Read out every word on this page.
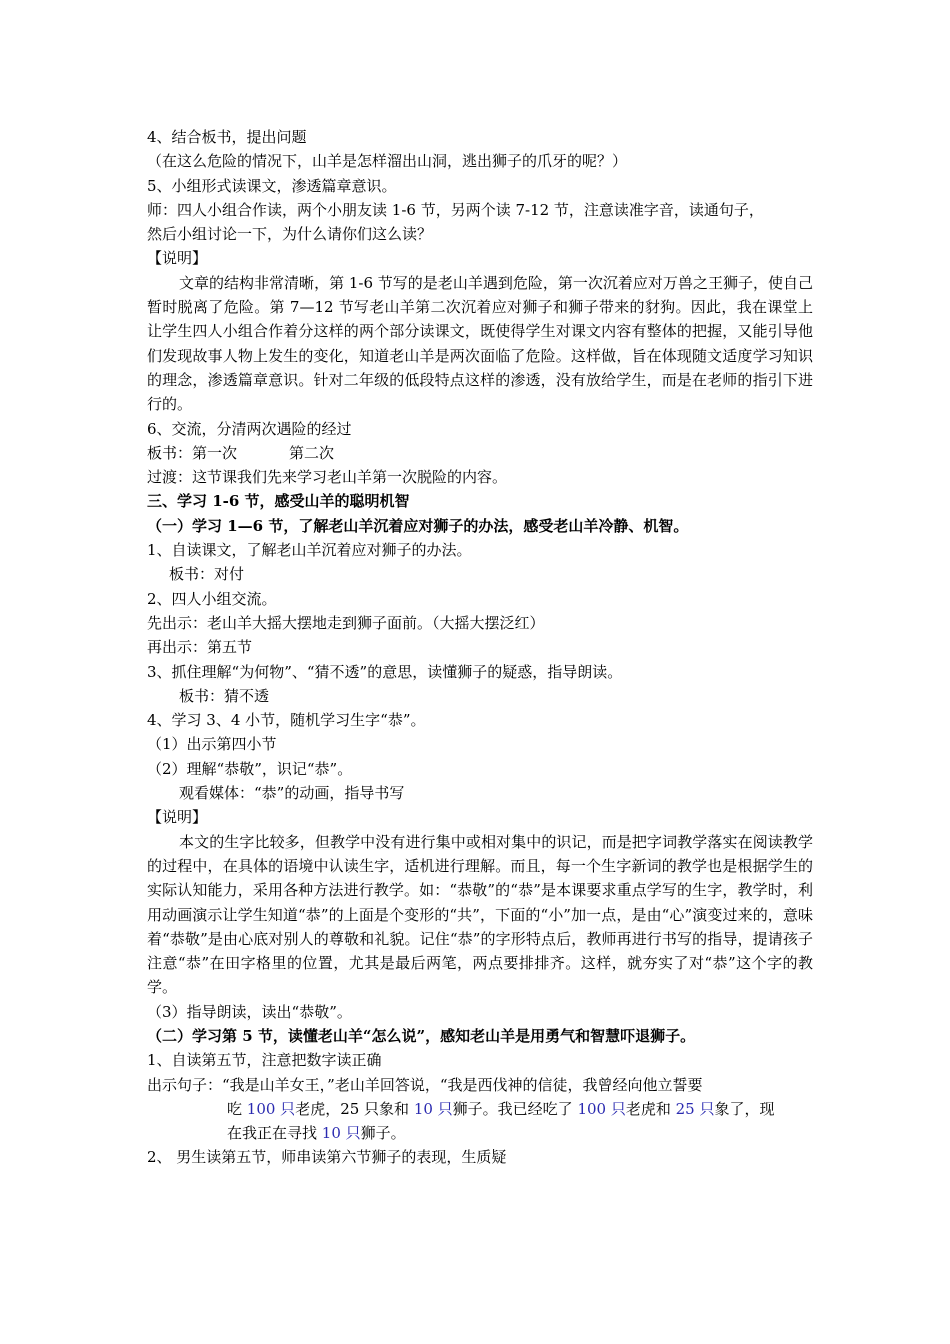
4、结合板书，提出问题
（在这么危险的情况下，山羊是怎样溜出山洞，逃出狮子的爪牙的呢？）
5、小组形式读课文，渗透篇章意识。
师：四人小组合作读，两个小朋友读 1-6 节，另两个读 7-12 节，注意读准字音，读通句子，
然后小组讨论一下，为什么请你们这么读？
【说明】
文章的结构非常清晰，第 1-6 节写的是老山羊遇到危险，第一次沉着应对万兽之王狮子，使自己暂时脱离了危险。第 7—12 节写老山羊第二次沉着应对狮子和狮子带来的豺狗。因此，我在课堂上让学生四人小组合作着分这样的两个部分读课文，既使得学生对课文内容有整体的把握，又能引导他们发现故事人物上发生的变化，知道老山羊是两次面临了危险。这样做，旨在体现随文适度学习知识的理念，渗透篇章意识。针对二年级的低段特点这样的渗透，没有放给学生，而是在老师的指引下进行的。
6、交流，分清两次遇险的经过
板书：第一次	第二次
过渡：这节课我们先来学习老山羊第一次脱险的内容。
三、学习 1-6 节，感受山羊的聪明机智
（一）学习 1—6 节，了解老山羊沉着应对狮子的办法，感受老山羊冷静、机智。
1、自读课文，了解老山羊沉着应对狮子的办法。
板书：对付
2、四人小组交流。
先出示：老山羊大摇大摆地走到狮子面前。（大摇大摆泛红）
再出示：第五节
3、抓住理解“为何物”、“猜不透”的意思，读懂狮子的疑惑，指导朗读。
板书：猜不透
4、学习 3、4 小节，随机学习生字“恭”。
（1）出示第四小节
（2）理解“恭敬”，识记“恭”。
观看媒体：“恭”的动画，指导书写
【说明】
本文的生字比较多，但教学中没有进行集中或相对集中的识记，而是把字词教学落实在阅读教学的过程中，在具体的语境中认读生字，适机进行理解。而且，每一个生字新词的教学也是根据学生的实际认知能力，采用各种方法进行教学。如：“恭敬”的“恭”是本课要求重点学写的生字，教学时，利用动画演示让学生知道“恭”的上面是个变形的“共”，下面的“小”加一点，是由“心”演变过来的，意味着“恭敬”是由心底对别人的尊敬和礼貌。记住“恭”的字形特点后，教师再进行书写的指导，提请孩子注意“恭”在田字格里的位置，尤其是最后两笔，两点要排排齐。这样，就夯实了对“恭”这个字的教学。
（3）指导朗读，读出“恭敬”。
（二）学习第 5 节，读懂老山羊“怎么说”，感知老山羊是用勇气和智慧吓退狮子。
1、自读第五节，注意把数字读正确
出示句子：“我是山羊女王，”老山羊回答说，“我是西伐神的信徒，我曾经向他立誓要
吃 100 只老虎，25 只象和 10 只狮子。我已经吃了 100 只老虎和 25 只象了，现
在我正在寻找 10 只狮子。
2、 男生读第五节，师串读第六节狮子的表现，生质疑
